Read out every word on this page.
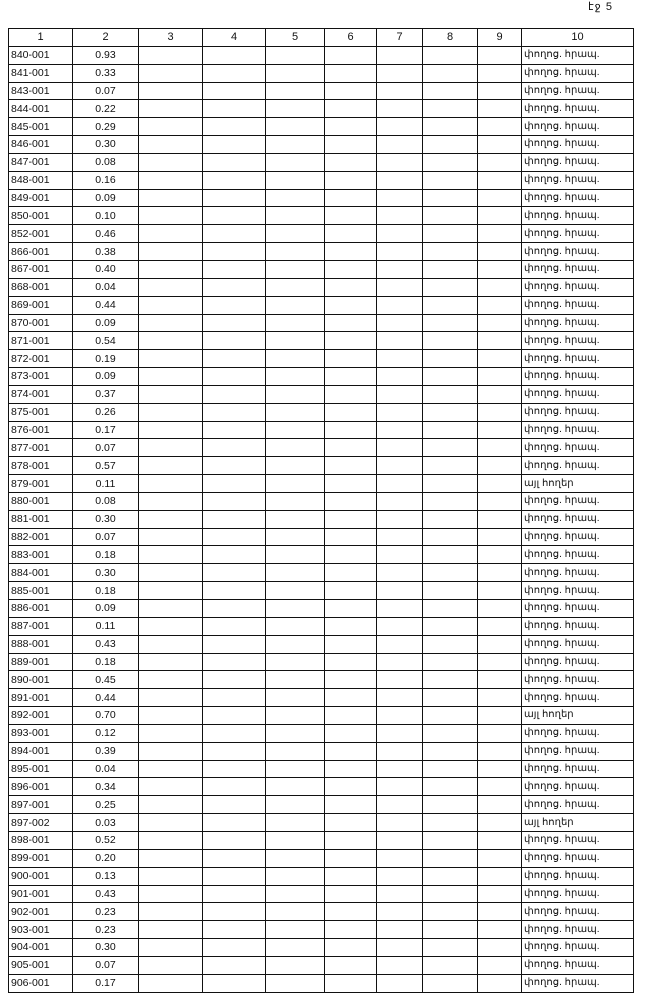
էջ 5
1	2	3	4	5	6	7	8	9	10
840-001	0.93								փողոց. հրապ.
841-001	0.33								փողոց. հրապ.
843-001	0.07								փողոց. հրապ.
844-001	0.22								փողոց. հրապ.
845-001	0.29								փողոց. հրապ.
846-001	0.30								փողոց. հրապ.
847-001	0.08								փողոց. հրապ.
848-001	0.16								փողոց. հրապ.
849-001	0.09								փողոց. հրապ.
850-001	0.10								փողոց. հրապ.
852-001	0.46								փողոց. հրապ.
866-001	0.38								փողոց. հրապ.
867-001	0.40								փողոց. հրապ.
868-001	0.04								փողոց. հրապ.
869-001	0.44								փողոց. հրապ.
870-001	0.09								փողոց. հրապ.
871-001	0.54								փողոց. հրապ.
872-001	0.19								փողոց. հրապ.
873-001	0.09								փողոց. հրապ.
874-001	0.37								փողոց. հրապ.
875-001	0.26								փողոց. հրապ.
876-001	0.17								փողոց. հրապ.
877-001	0.07								փողոց. հրապ.
878-001	0.57								փողոց. հրապ.
879-001	0.11								այլ հողեր
880-001	0.08								փողոց. հրապ.
881-001	0.30								փողոց. հրապ.
882-001	0.07								փողոց. հրապ.
883-001	0.18								փողոց. հրապ.
884-001	0.30								փողոց. հրապ.
885-001	0.18								փողոց. հրապ.
886-001	0.09								փողոց. հրապ.
887-001	0.11								փողոց. հրապ.
888-001	0.43								փողոց. հրապ.
889-001	0.18								փողոց. հրապ.
890-001	0.45								փողոց. հրապ.
891-001	0.44								փողոց. հրապ.
892-001	0.70								այլ հողեր
893-001	0.12								փողոց. հրապ.
894-001	0.39								փողոց. հրապ.
895-001	0.04								փողոց. հրապ.
896-001	0.34								փողոց. հրապ.
897-001	0.25								փողոց. հրապ.
897-002	0.03								այլ հողեր
898-001	0.52								փողոց. հրապ.
899-001	0.20								փողոց. հրապ.
900-001	0.13								փողոց. հրապ.
901-001	0.43								փողոց. հրապ.
902-001	0.23								փողոց. հրապ.
903-001	0.23								փողոց. հրապ.
904-001	0.30								փողոց. հրապ.
905-001	0.07								փողոց. հրապ.
906-001	0.17								փողոց. հրապ.
